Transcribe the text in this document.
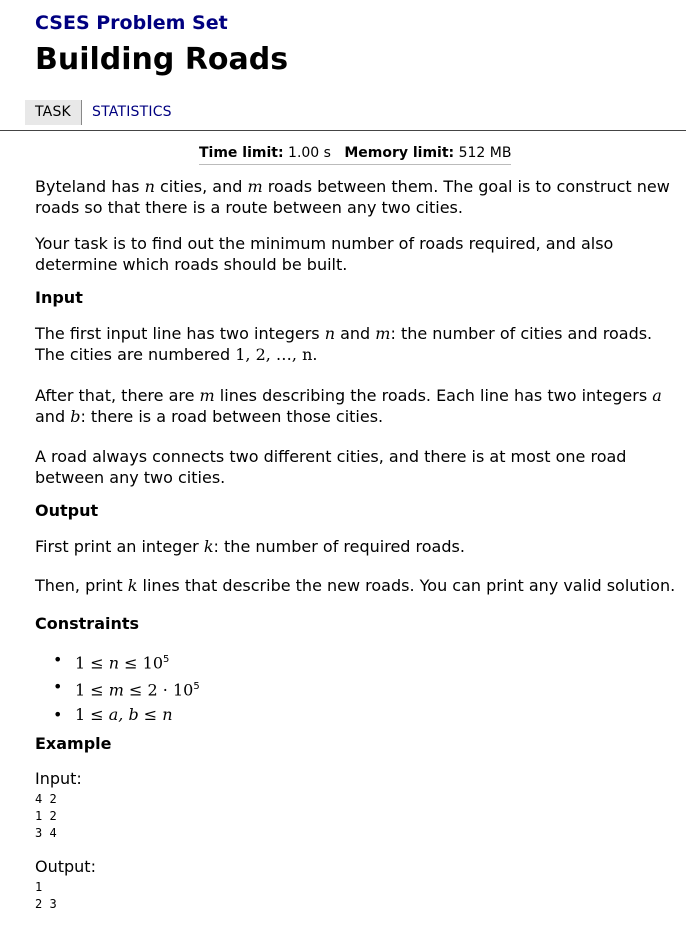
CSES Problem Set
Building Roads
TASK	STATISTICS
Time limit: 1.00 s Memory limit: 512 MB
Byteland has n cities, and m roads between them. The goal is to construct new roads so that there is a route between any two cities.
Your task is to find out the minimum number of roads required, and also determine which roads should be built.
Input
The first input line has two integers n and m: the number of cities and roads. The cities are numbered 1, 2, …, n.
After that, there are m lines describing the roads. Each line has two integers a and b: there is a road between those cities.
A road always connects two different cities, and there is at most one road between any two cities.
Output
First print an integer k: the number of required roads.
Then, print k lines that describe the new roads. You can print any valid solution.
Constraints
• $1 \le n \le 10^5$
• $1 \le m \le 2 \cdot 10^5$
• 1 ≤ a, b ≤ n
Example
Input:
4 2
1 2
3 4
Output:
1
2 3
